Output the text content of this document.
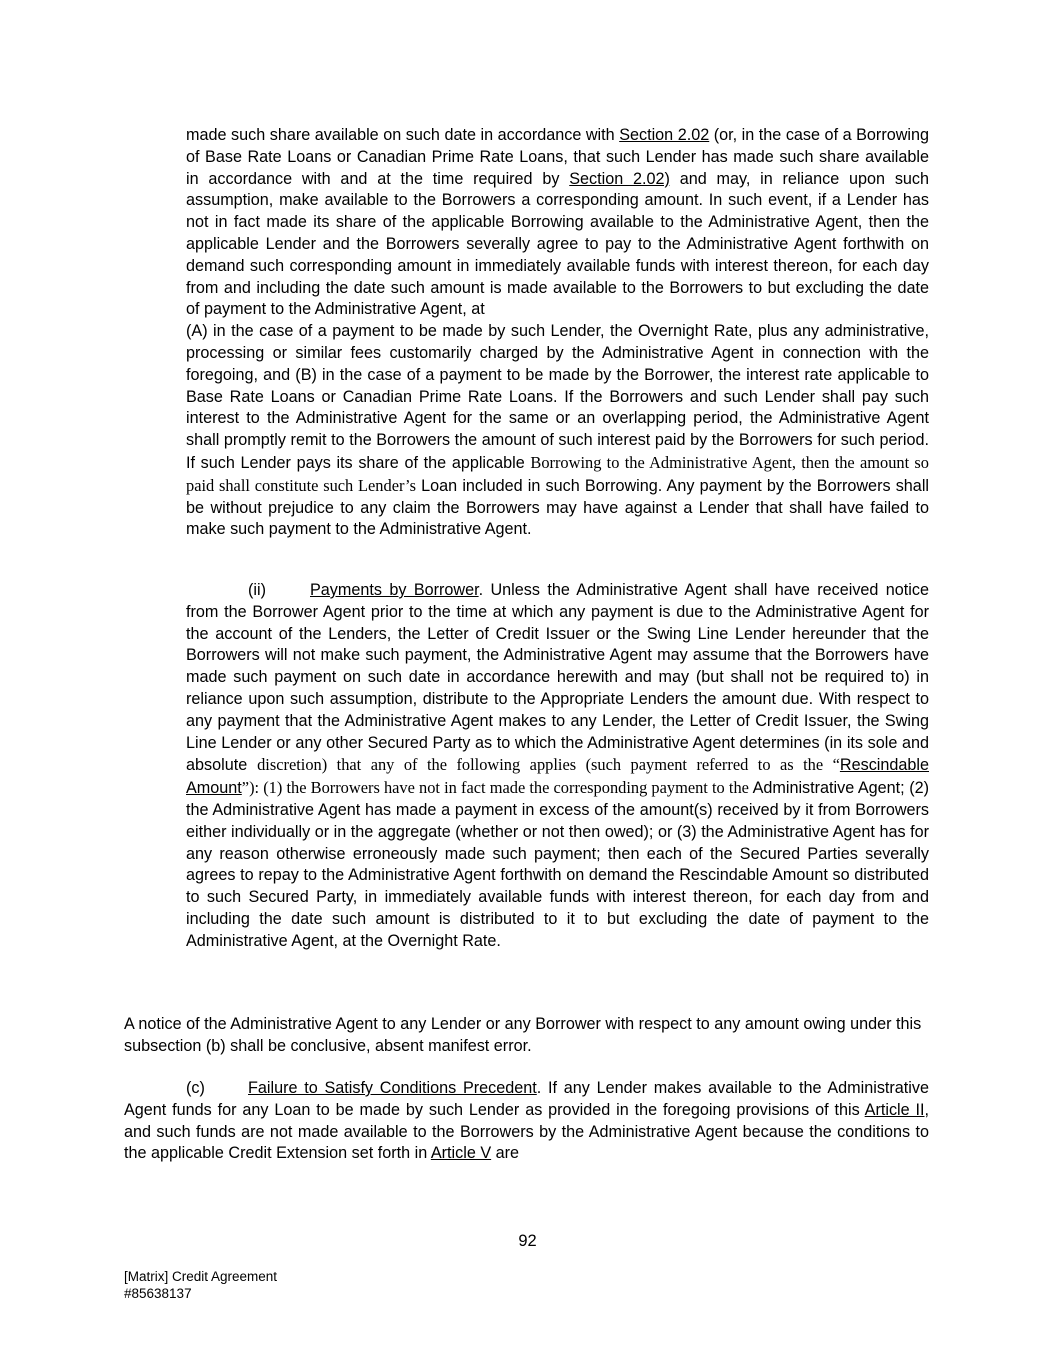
made such share available on such date in accordance with Section 2.02 (or, in the case of a Borrowing of Base Rate Loans or Canadian Prime Rate Loans, that such Lender has made such share available in accordance with and at the time required by Section 2.02) and may, in reliance upon such assumption, make available to the Borrowers a corresponding amount. In such event, if a Lender has not in fact made its share of the applicable Borrowing available to the Administrative Agent, then the applicable Lender and the Borrowers severally agree to pay to the Administrative Agent forthwith on demand such corresponding amount in immediately available funds with interest thereon, for each day from and including the date such amount is made available to the Borrowers to but excluding the date of payment to the Administrative Agent, at
(A) in the case of a payment to be made by such Lender, the Overnight Rate, plus any administrative, processing or similar fees customarily charged by the Administrative Agent in connection with the foregoing, and (B) in the case of a payment to be made by the Borrower, the interest rate applicable to Base Rate Loans or Canadian Prime Rate Loans. If the Borrowers and such Lender shall pay such interest to the Administrative Agent for the same or an overlapping period, the Administrative Agent shall promptly remit to the Borrowers the amount of such interest paid by the Borrowers for such period. If such Lender pays its share of the applicable Borrowing to the Administrative Agent, then the amount so paid shall constitute such Lender’s Loan included in such Borrowing. Any payment by the Borrowers shall be without prejudice to any claim the Borrowers may have against a Lender that shall have failed to make such payment to the Administrative Agent.

(ii)	Payments by Borrower. Unless the Administrative Agent shall have received notice from the Borrower Agent prior to the time at which any payment is due to the Administrative Agent for the account of the Lenders, the Letter of Credit Issuer or the Swing Line Lender hereunder that the Borrowers will not make such payment, the Administrative Agent may assume that the Borrowers have made such payment on such date in accordance herewith and may (but shall not be required to) in reliance upon such assumption, distribute to the Appropriate Lenders the amount due. With respect to any payment that the Administrative Agent makes to any Lender, the Letter of Credit Issuer, the Swing Line Lender or any other Secured Party as to which the Administrative Agent determines (in its sole and absolute discretion) that any of the following applies (such payment referred to as the “Rescindable Amount”): (1) the Borrowers have not in fact made the corresponding payment to the Administrative Agent; (2) the Administrative Agent has made a payment in excess of the amount(s) received by it from Borrowers either individually or in the aggregate (whether or not then owed); or (3) the Administrative Agent has for any reason otherwise erroneously made such payment; then each of the Secured Parties severally agrees to repay to the Administrative Agent forthwith on demand the Rescindable Amount so distributed to such Secured Party, in immediately available funds with interest thereon, for each day from and including the date such amount is distributed to it to but excluding the date of payment to the Administrative Agent, at the Overnight Rate.

A notice of the Administrative Agent to any Lender or any Borrower with respect to any amount owing under this subsection (b) shall be conclusive, absent manifest error.

(c)	Failure to Satisfy Conditions Precedent. If any Lender makes available to the Administrative Agent funds for any Loan to be made by such Lender as provided in the foregoing provisions of this Article II, and such funds are not made available to the Borrowers by the Administrative Agent because the conditions to the applicable Credit Extension set forth in Article V are

92
[Matrix] Credit Agreement
#85638137
